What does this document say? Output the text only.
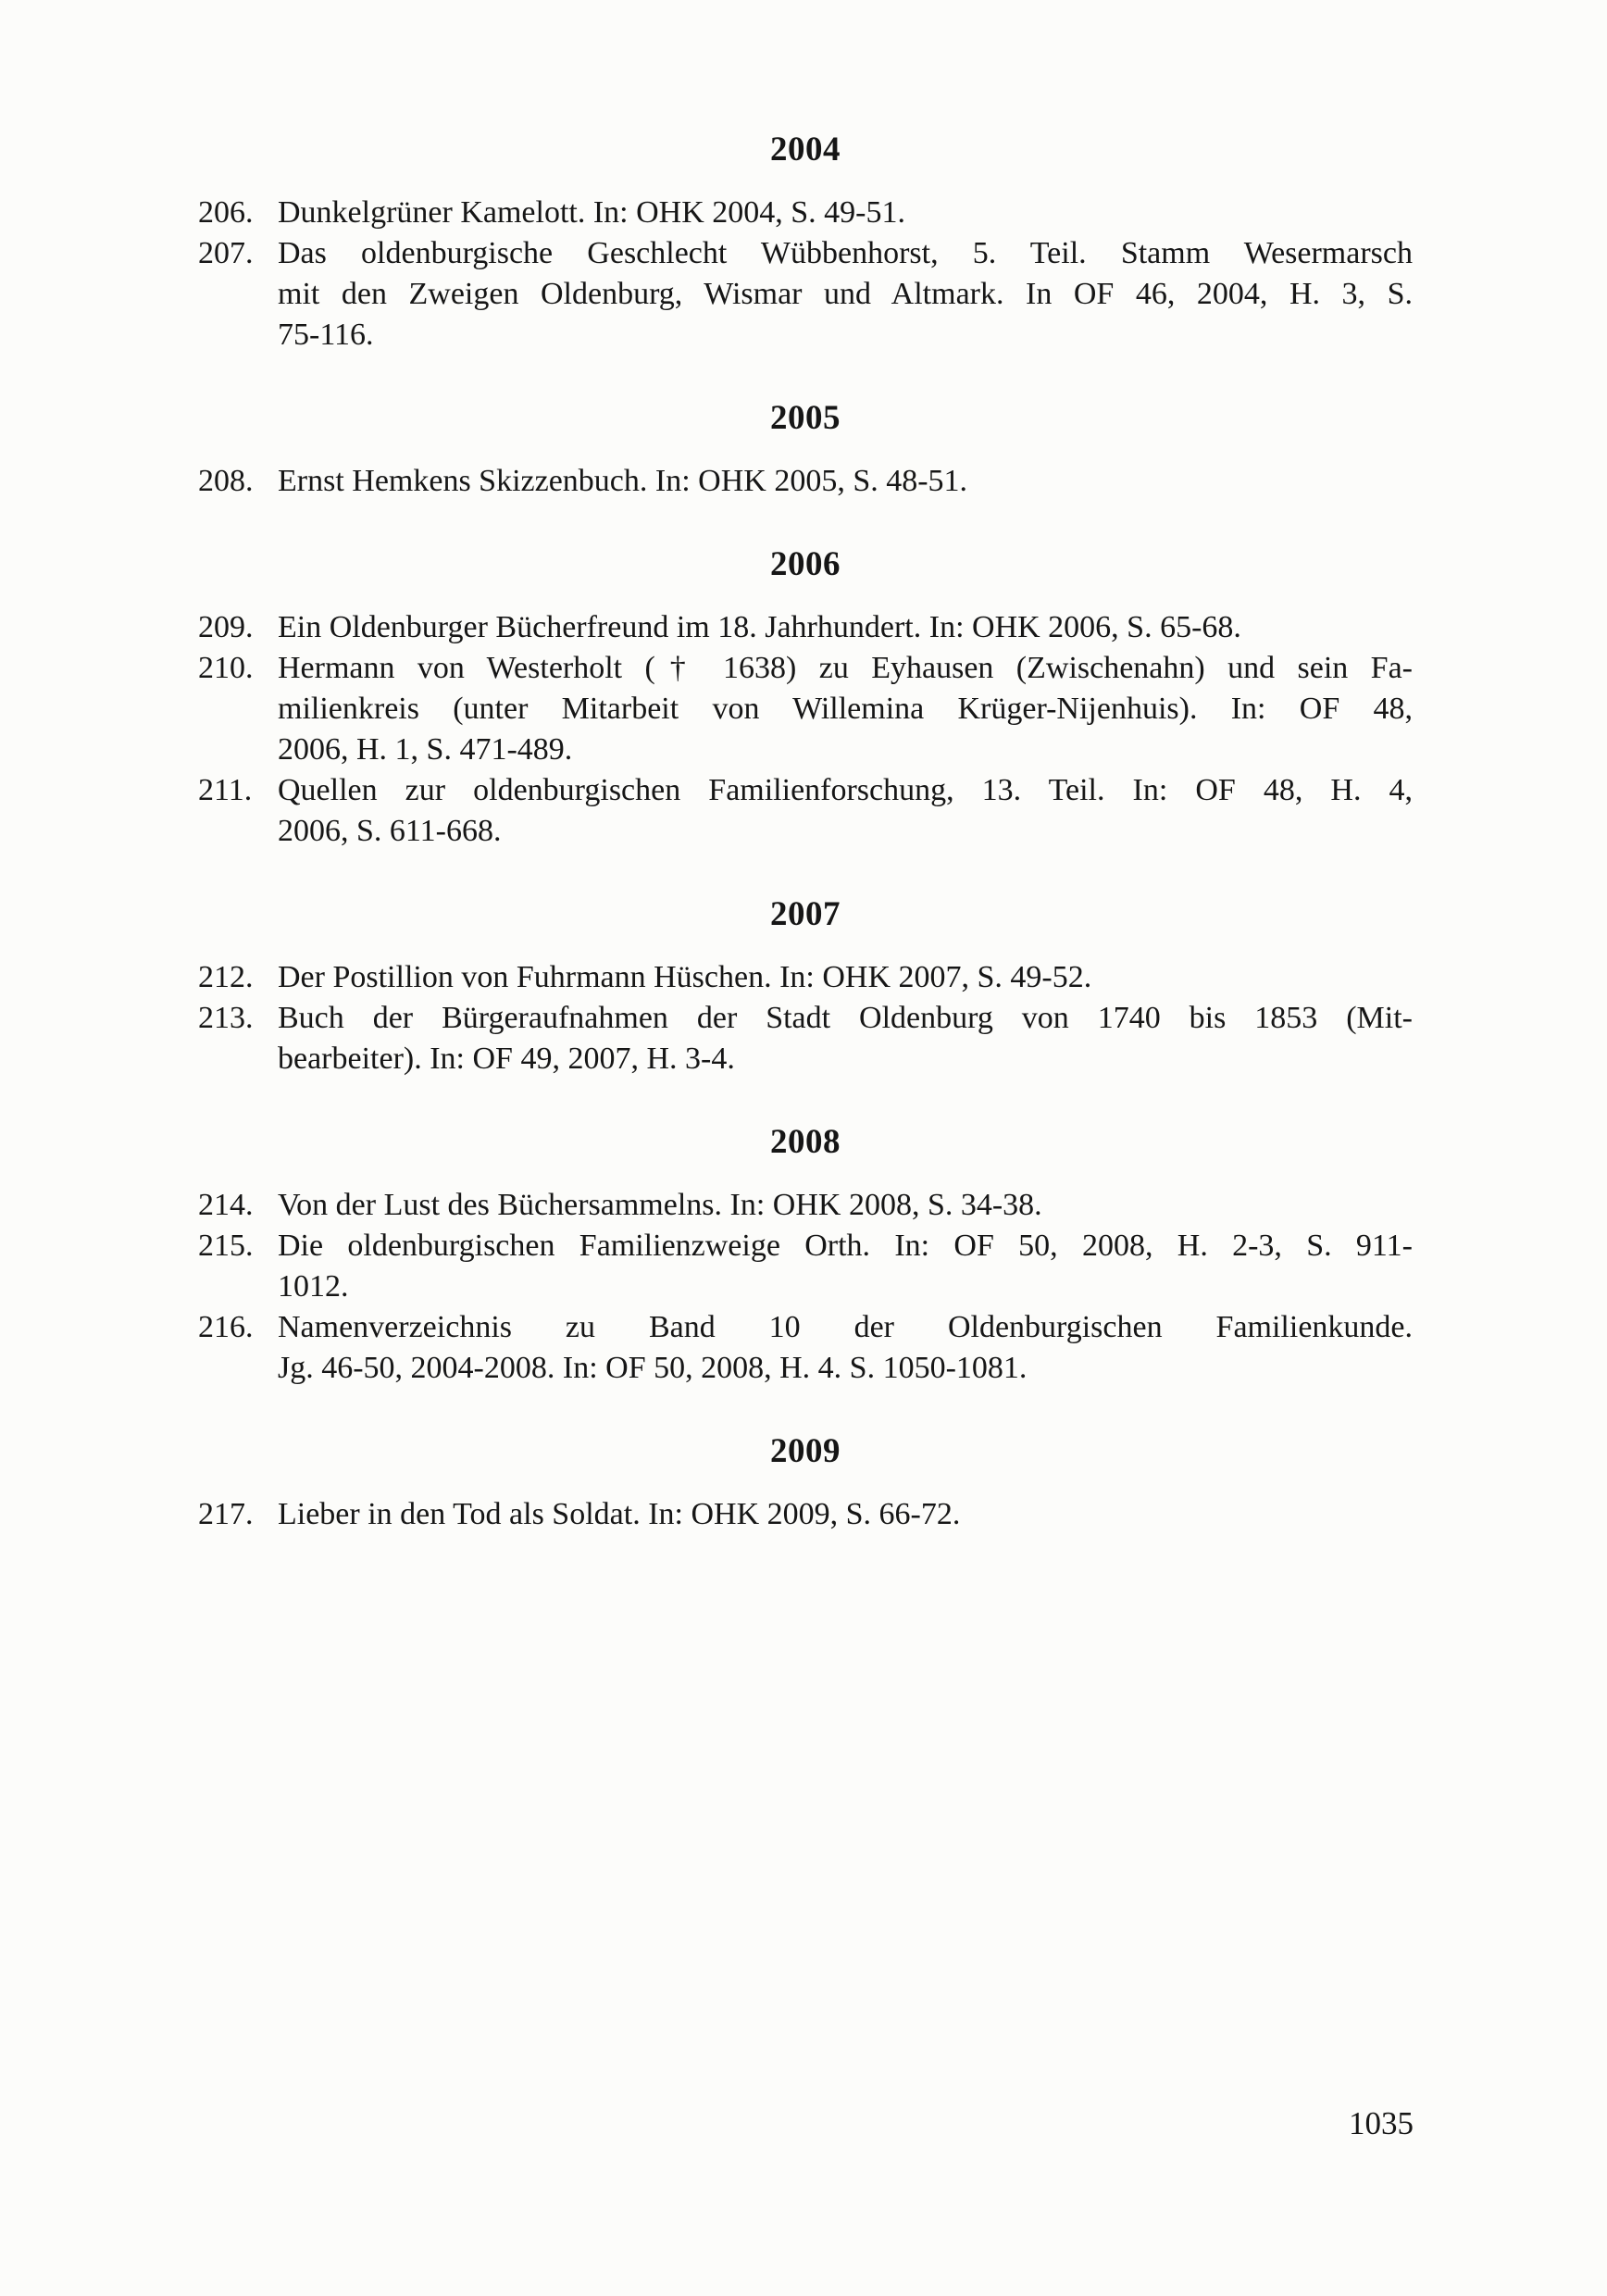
2004
206. Dunkelgrüner Kamelott. In: OHK 2004, S. 49-51.
207. Das oldenburgische Geschlecht Wübbenhorst, 5. Teil. Stamm Wesermarsch
mit den Zweigen Oldenburg, Wismar und Altmark. In OF 46, 2004, H. 3, S.
75-116.
2005
208. Ernst Hemkens Skizzenbuch. In: OHK 2005, S. 48-51.
2006
209. Ein Oldenburger Bücherfreund im 18. Jahrhundert. In: OHK 2006, S. 65-68.
210. Hermann von Westerholt († 1638) zu Eyhausen (Zwischenahn) und sein Fa-
milienkreis (unter Mitarbeit von Willemina Krüger-Nijenhuis). In: OF 48,
2006, H. 1, S. 471-489.
211. Quellen zur oldenburgischen Familienforschung, 13. Teil. In: OF 48, H. 4,
2006, S. 611-668.
2007
212. Der Postillion von Fuhrmann Hüschen. In: OHK 2007, S. 49-52.
213. Buch der Bürgeraufnahmen der Stadt Oldenburg von 1740 bis 1853 (Mit-
bearbeiter). In: OF 49, 2007, H. 3-4.
2008
214. Von der Lust des Büchersammelns. In: OHK 2008, S. 34-38.
215. Die oldenburgischen Familienzweige Orth. In: OF 50, 2008, H. 2-3, S. 911-
1012.
216. Namenverzeichnis zu Band 10 der Oldenburgischen Familienkunde.
Jg. 46-50, 2004-2008. In: OF 50, 2008, H. 4. S. 1050-1081.
2009
217. Lieber in den Tod als Soldat. In: OHK 2009, S. 66-72.
1035
